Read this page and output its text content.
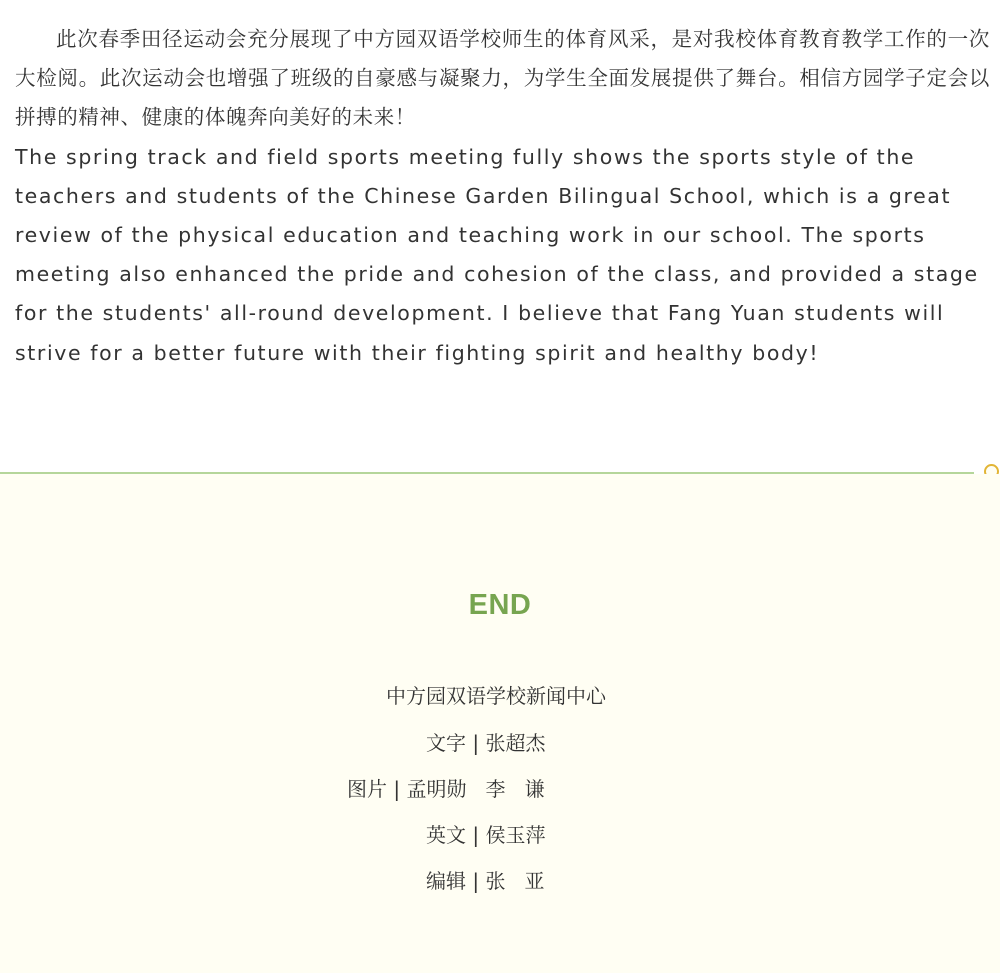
此次春季田径运动会充分展现了中方园双语学校师生的体育风采，是对我校体育教育教学工作的一次大检阅。此次运动会也增强了班级的自豪感与凝聚力，为学生全面发展提供了舞台。相信方园学子定会以拼搏的精神、健康的体魄奔向美好的未来！

The spring track and field sports meeting fully shows the sports style of the teachers and students of the Chinese Garden Bilingual School, which is a great review of the physical education and teaching work in our school. The sports meeting also enhanced the pride and cohesion of the class, and provided a stage for the students' all-round development. I believe that Fang Yuan students will strive for a better future with their fighting spirit and healthy body!

END
中方园双语学校新闻中心
文字 | 张超杰
图片 | 孟明勋   李   谦
英文 | 侯玉萍
编辑 | 张   亚
